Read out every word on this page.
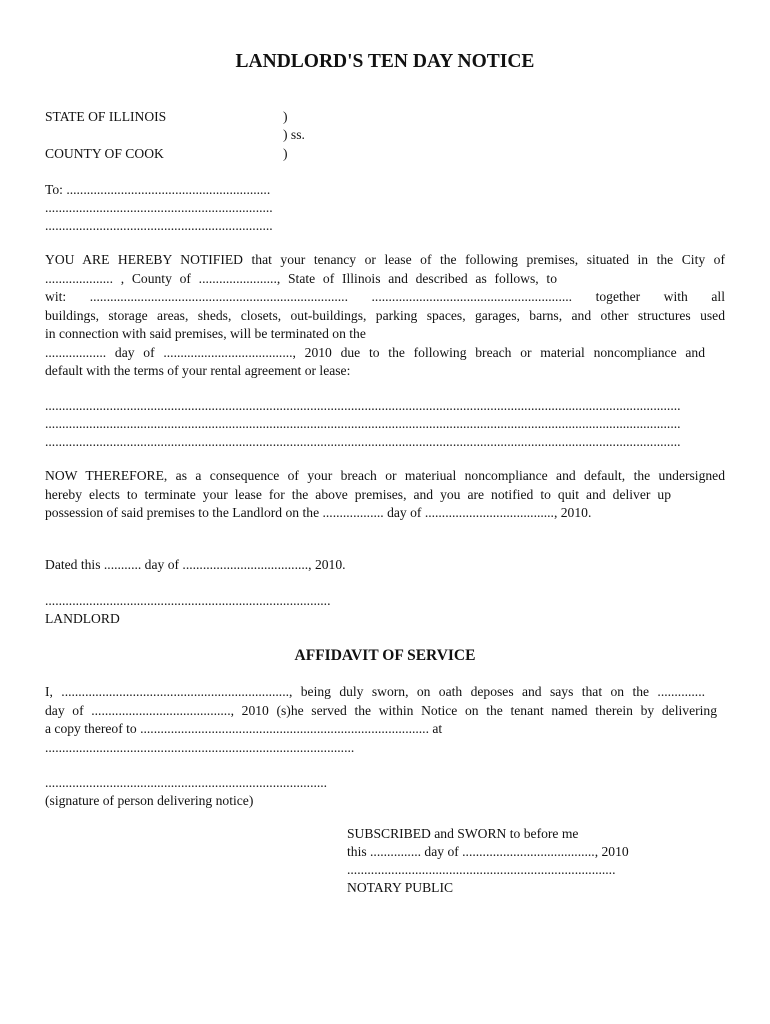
LANDLORD'S TEN DAY NOTICE
STATE OF ILLINOIS
COUNTY OF COOK
)
) ss.
)
To: ............................................................
...................................................................
...................................................................
YOU ARE HEREBY NOTIFIED that your tenancy or lease of the following premises, situated in the City of
.................... , County of ......................., State of Illinois and described as follows, to
wit: ............................................................................ ........................................................... together with all
buildings, storage areas, sheds, closets, out-buildings, parking spaces, garages, barns, and other structures used
in connection with said premises, will be terminated on the
.................. day of ......................................, 2010 due to the following breach or material noncompliance and
default with the terms of your rental agreement or lease:
...........................................................................................................................................................................................
...........................................................................................................................................................................................
...........................................................................................................................................................................................
NOW THEREFORE, as a consequence of your breach or materiual noncompliance and default, the undersigned
hereby elects to terminate your lease for the above premises, and you are notified to quit and deliver up
possession of said premises to the Landlord on the .................. day of ......................................, 2010.
Dated this ........... day of ....................................., 2010.
....................................................................................
LANDLORD
AFFIDAVIT OF SERVICE
I, ..................................................................., being duly sworn, on oath deposes and says that on the ..............
day of ........................................., 2010 (s)he served the within Notice on the tenant named therein by delivering
a copy thereof to ..................................................................................... at
...........................................................................................
...................................................................................
(signature of person delivering notice)
SUBSCRIBED and SWORN to before me
this ............... day of ......................................., 2010
...............................................................................
NOTARY PUBLIC
